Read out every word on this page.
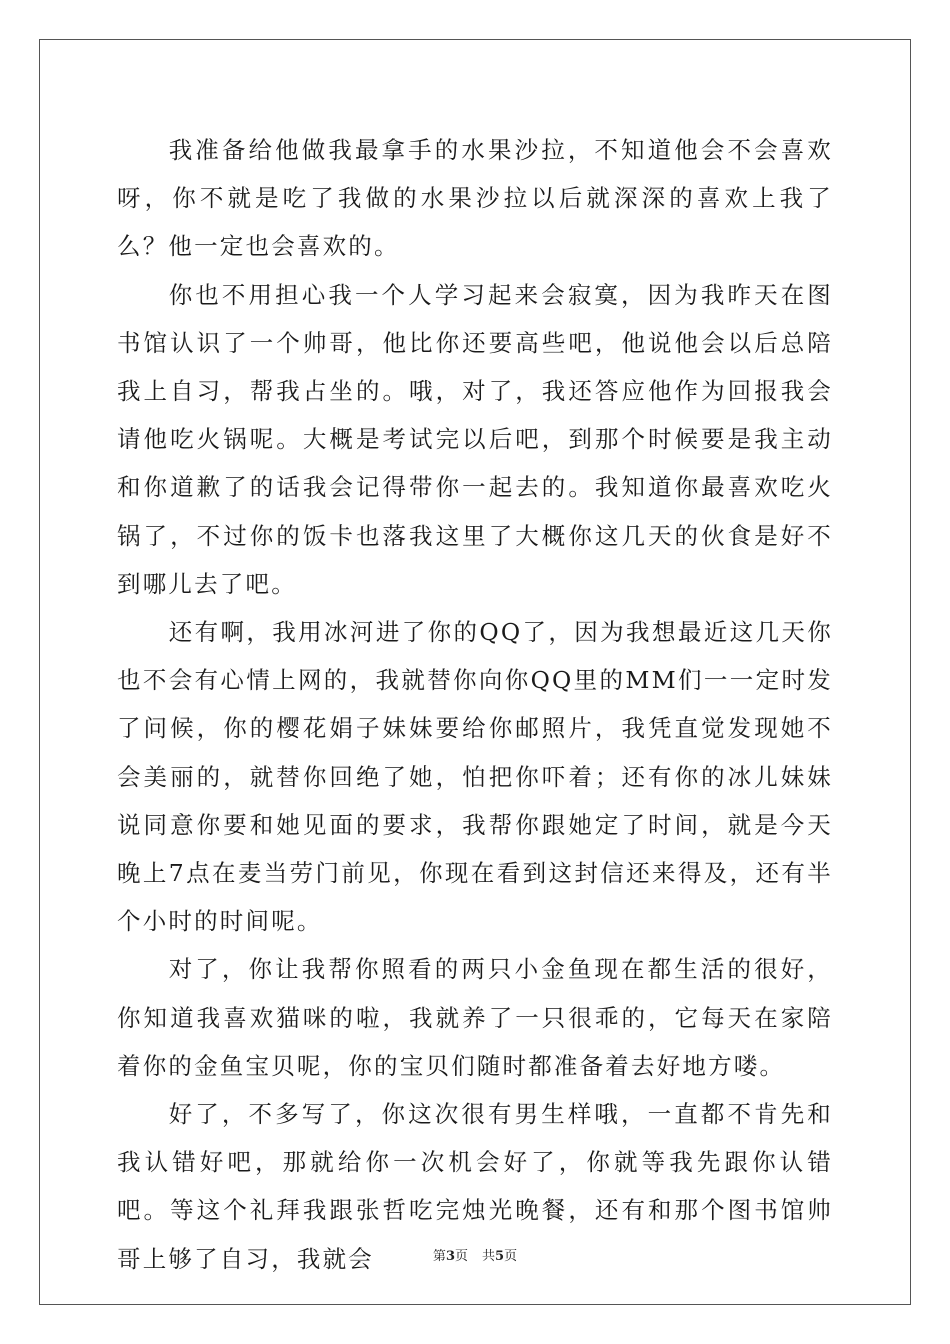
我准备给他做我最拿手的水果沙拉，不知道他会不会喜欢呀，你不就是吃了我做的水果沙拉以后就深深的喜欢上我了么？他一定也会喜欢的。

你也不用担心我一个人学习起来会寂寞，因为我昨天在图书馆认识了一个帅哥，他比你还要高些吧，他说他会以后总陪我上自习，帮我占坐的。哦，对了，我还答应他作为回报我会请他吃火锅呢。大概是考试完以后吧，到那个时候要是我主动和你道歉了的话我会记得带你一起去的。我知道你最喜欢吃火锅了，不过你的饭卡也落我这里了大概你这几天的伙食是好不到哪儿去了吧。

还有啊，我用冰河进了你的QQ了，因为我想最近这几天你也不会有心情上网的，我就替你向你QQ里的MM们一一定时发了问候，你的樱花娟子妹妹要给你邮照片，我凭直觉发现她不会美丽的，就替你回绝了她，怕把你吓着；还有你的冰儿妹妹说同意你要和她见面的要求，我帮你跟她定了时间，就是今天晚上7点在麦当劳门前见，你现在看到这封信还来得及，还有半个小时的时间呢。

对了，你让我帮你照看的两只小金鱼现在都生活的很好，你知道我喜欢猫咪的啦，我就养了一只很乖的，它每天在家陪着你的金鱼宝贝呢，你的宝贝们随时都准备着去好地方喽。

好了，不多写了，你这次很有男生样哦，一直都不肯先和我认错好吧，那就给你一次机会好了，你就等我先跟你认错吧。等这个礼拜我跟张哲吃完烛光晚餐，还有和那个图书馆帅哥上够了自习，我就会	第3页 共5页
